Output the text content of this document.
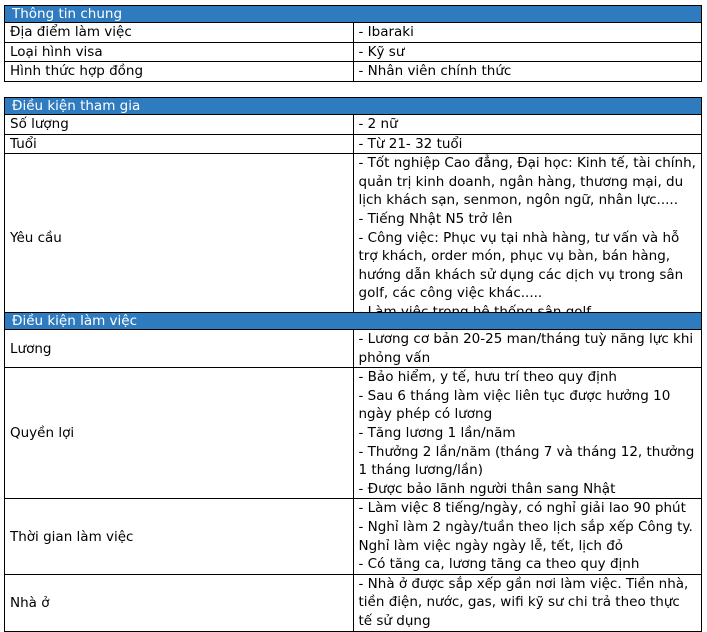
Thông tin chung	
Địa điểm làm việc	- Ibaraki
Loại hình visa	- Kỹ sư
Hình thức hợp đồng	- Nhân viên chính thức
Điều kiện tham gia	
Số lượng	- 2 nữ
Tuổi	- Từ 21- 32 tuổi
Yêu cầu	- Tốt nghiệp Cao đẳng, Đại học: Kinh tế, tài chính, quản trị kinh doanh, ngân hàng, thương mại, du lịch khách sạn, senmon, ngôn ngữ, nhân lực.....
- Tiếng Nhật N5 trở lên
- Công việc: Phục vụ tại nhà hàng, tư vấn và hỗ trợ khách, order món, phục vụ bàn, bán hàng, hướng dẫn khách sử dụng các dịch vụ trong sân golf, các công việc khác.....
Điều kiện làm việc	
Lương	- Lương cơ bản 20-25 man/tháng tuỳ năng lực khi phỏng vấn
Quyền lợi	- Bảo hiểm, y tế, hưu trí theo quy định
- Sau 6 tháng làm việc liên tục được hưởng 10 ngày phép có lương
- Tăng lương 1 lần/năm
- Thưởng 2 lần/năm (tháng 7 và tháng 12, thưởng 1 tháng lương/lần)
- Được bảo lãnh người thân sang Nhật

Thời gian làm việc	- Làm việc 8 tiếng/ngày, có nghỉ giải lao 90 phút
- Nghỉ làm 2 ngày/tuần theo lịch sắp xếp Công ty. Nghỉ làm việc ngày ngày lễ, tết, lịch đỏ
- Có tăng ca, lương tăng ca theo quy định

Nhà ở	- Nhà ở được sắp xếp gần nơi làm việc. Tiền nhà, tiền điện, nước, gas, wifi kỹ sư chi trả theo thực tế sử dụng
